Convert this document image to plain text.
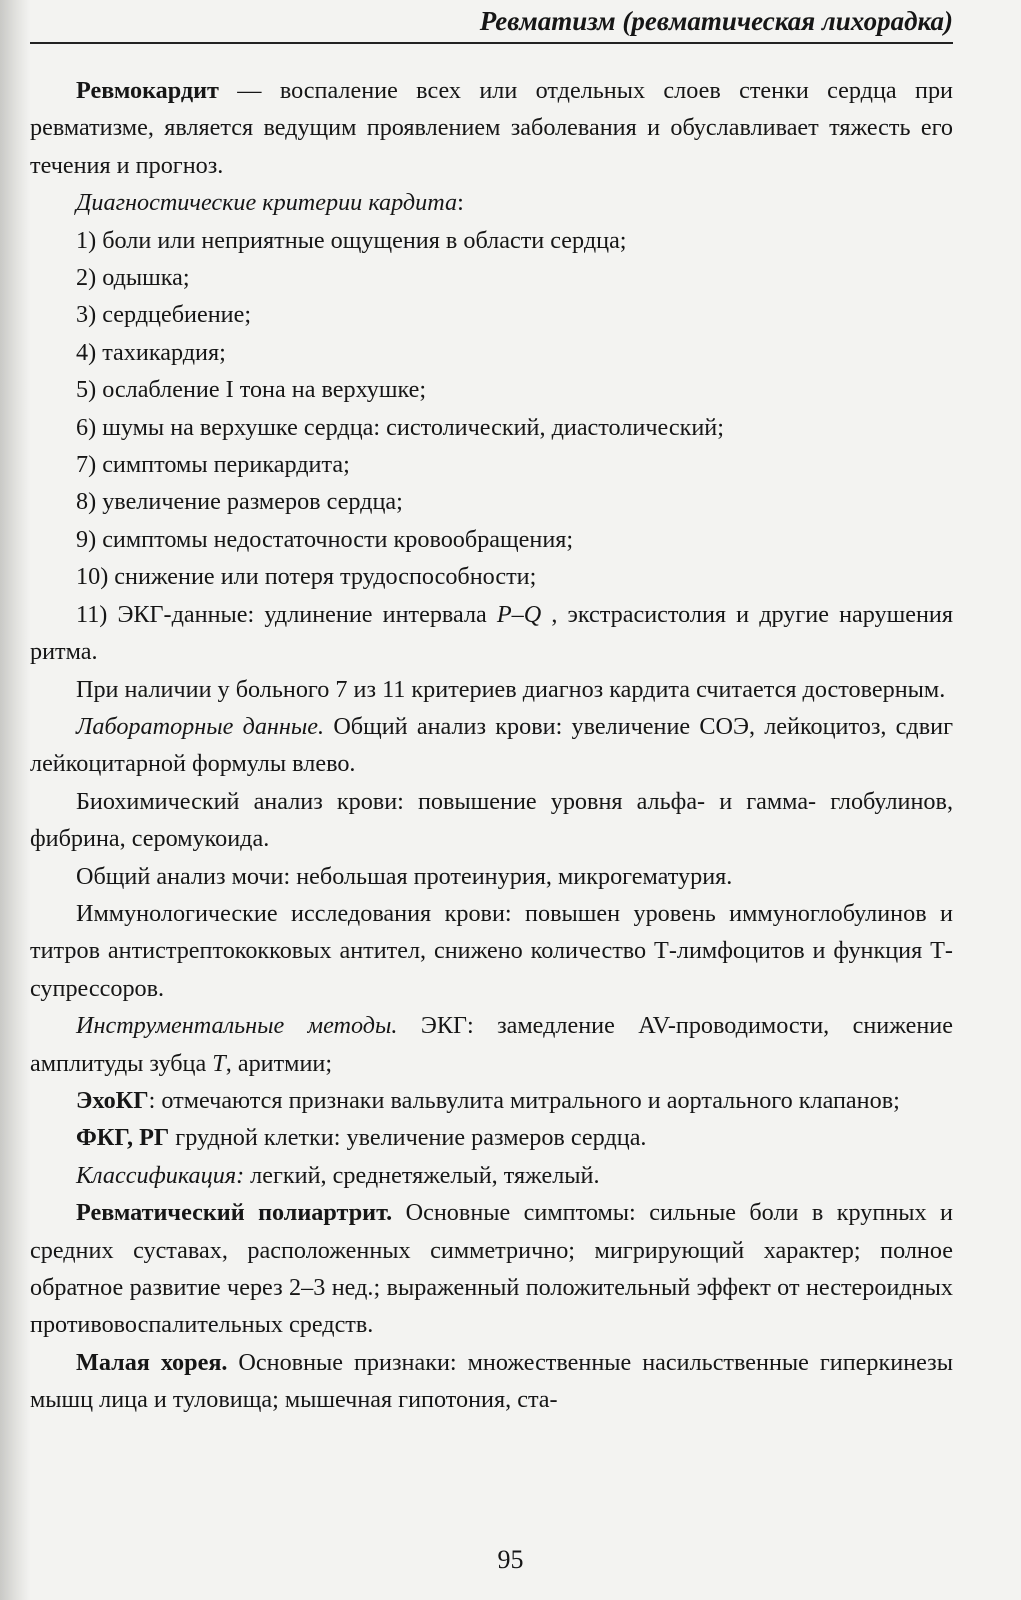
Ревматизм (ревматическая лихорадка)

Ревмокардит — воспаление всех или отдельных слоев стенки сердца при ревматизме, является ведущим проявлением заболевания и обуславливает тяжесть его течения и прогноз.

Диагностические критерии кардита:

1) боли или неприятные ощущения в области сердца;
2) одышка;
3) сердцебиение;
4) тахикардия;
5) ослабление I тона на верхушке;
6) шумы на верхушке сердца: систолический, диастолический;
7) симптомы перикардита;
8) увеличение размеров сердца;
9) симптомы недостаточности кровообращения;
10) снижение или потеря трудоспособности;
11) ЭКГ-данные: удлинение интервала P–Q , экстрасистолия и другие нарушения ритма.

При наличии у больного 7 из 11 критериев диагноз кардита считается достоверным.

Лабораторные данные. Общий анализ крови: увеличение СОЭ, лейкоцитоз, сдвиг лейкоцитарной формулы влево.

Биохимический анализ крови: повышение уровня альфа- и гамма- глобулинов, фибрина, серомукоида.

Общий анализ мочи: небольшая протеинурия, микрогематурия.

Иммунологические исследования крови: повышен уровень иммуноглобулинов и титров антистрептококковых антител, снижено количество Т-лимфоцитов и функция Т-супрессоров.

Инструментальные методы. ЭКГ: замедление AV-проводимости, снижение амплитуды зубца T, аритмии;

ЭхоКГ: отмечаются признаки вальвулита митрального и аортального клапанов;

ФКГ, РГ грудной клетки: увеличение размеров сердца.

Классификация: легкий, среднетяжелый, тяжелый.

Ревматический полиартрит. Основные симптомы: сильные боли в крупных и средних суставах, расположенных симметрично; мигрирующий характер; полное обратное развитие через 2–3 нед.; выраженный положительный эффект от нестероидных противовоспалительных средств.

Малая хорея. Основные признаки: множественные насильственные гиперкинезы мышц лица и туловища; мышечная гипотония, ста-

95
